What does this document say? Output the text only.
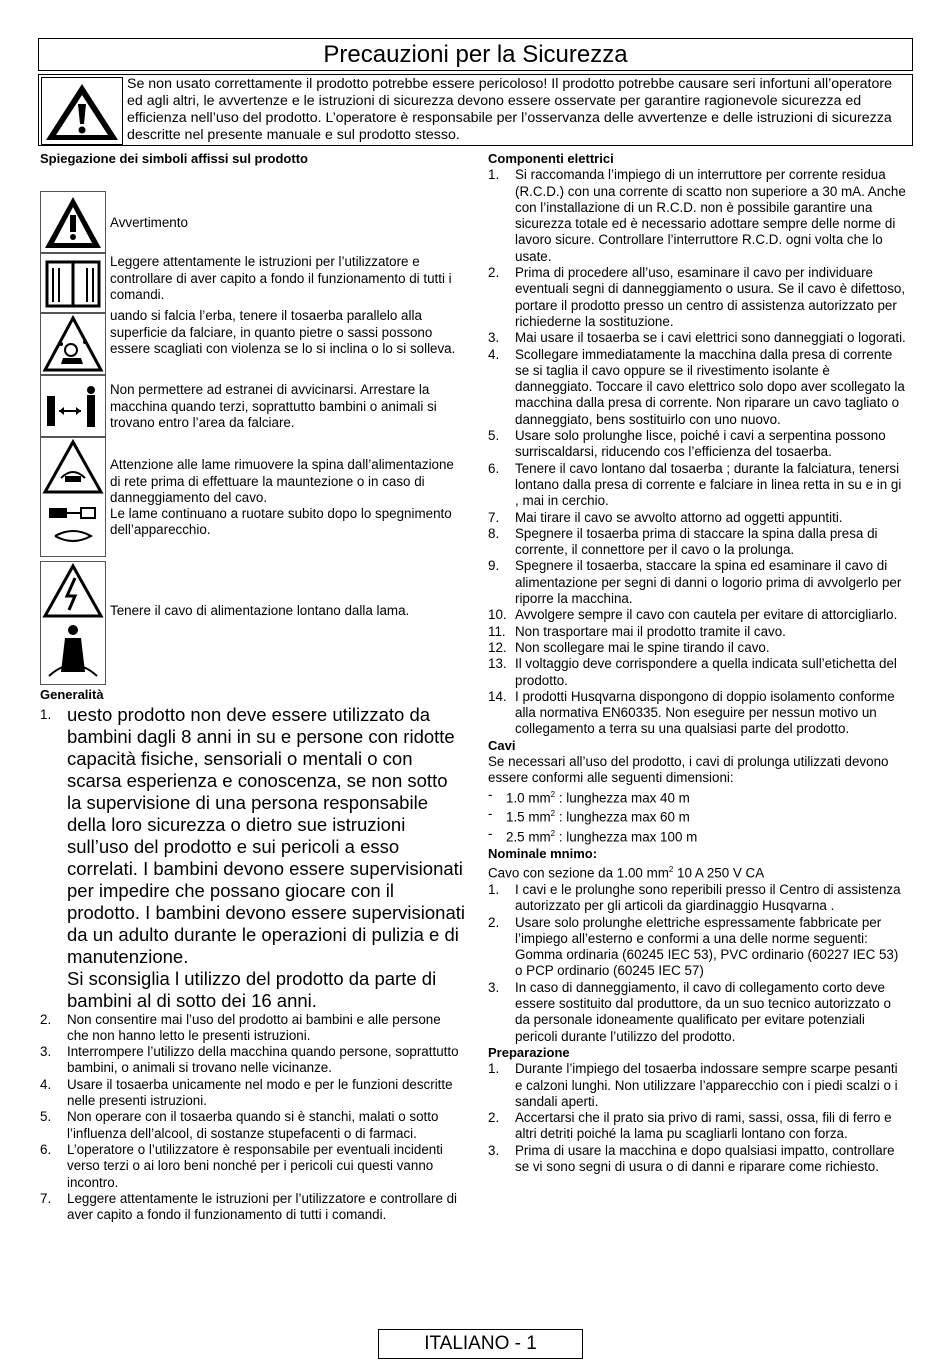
Precauzioni per la Sicurezza
Se non usato correttamente il prodotto potrebbe essere pericoloso! Il prodotto potrebbe causare seri infortuni all’operatore ed agli altri, le avvertenze e le istruzioni di sicurezza devono essere osservate per garantire ragionevole sicurezza ed efficienza nell’uso del prodotto. L’operatore è responsabile per l’osservanza delle avvertenze e delle istruzioni di sicurezza descritte nel presente manuale e sul prodotto stesso.

Spiegazione dei simboli affissi sul prodotto

Avvertimento
Leggere attentamente le istruzioni per l’utilizzatore e controllare di aver capito a fondo il funzionamento di tutti i comandi.
uando si falcia l’erba, tenere il tosaerba parallelo alla superficie da falciare, in quanto pietre o sassi possono essere scagliati con violenza se lo si inclina o lo si solleva.
Non permettere ad estranei di avvicinarsi. Arrestare la macchina quando terzi, soprattutto bambini o animali si trovano entro l’area da falciare.
Attenzione alle lame rimuovere la spina dall’alimentazione di rete prima di effettuare la mauntezione o in caso di danneggiamento del cavo.
Le lame continuano a ruotare subito dopo lo spegnimento dell’apparecchio.
Tenere il cavo di alimentazione lontano dalla lama.

Generalità

1. uesto prodotto non deve essere utilizzato da bambini dagli 8 anni in su e persone con ridotte capacità fisiche, sensoriali o mentali o con scarsa esperienza e conoscenza, se non sotto la supervisione di una persona responsabile della loro sicurezza o dietro sue istruzioni sull’uso del prodotto e sui pericoli a esso correlati. I bambini devono essere supervisionati per impedire che possano giocare con il prodotto. I bambini devono essere supervisionati da un adulto durante le operazioni di pulizia e di manutenzione.
Si sconsiglia l utilizzo del prodotto da parte di bambini al di sotto dei 16 anni.
2. Non consentire mai l’uso del prodotto ai bambini e alle persone che non hanno letto le presenti istruzioni.
3. Interrompere l’utilizzo della macchina quando persone, soprattutto bambini, o animali si trovano nelle vicinanze.
4. Usare il tosaerba unicamente nel modo e per le funzioni descritte nelle presenti istruzioni.
5. Non operare con il tosaerba quando si è stanchi, malati o sotto l’influenza dell’alcool, di sostanze stupefacenti o di farmaci.
6. L’operatore o l’utilizzatore è responsabile per eventuali incidenti verso terzi o ai loro beni nonché per i pericoli cui questi vanno incontro.
7. Leggere attentamente le istruzioni per l’utilizzatore e controllare di aver capito a fondo il funzionamento di tutti i comandi.

Componenti elettrici

1. Si raccomanda l’impiego di un interruttore per corrente residua (R.C.D.) con una corrente di scatto non superiore a 30 mA. Anche con l’installazione di un R.C.D. non è possibile garantire una sicurezza totale ed è necessario adottare sempre delle norme di lavoro sicure. Controllare l’interruttore R.C.D. ogni volta che lo usate.
2. Prima di procedere all’uso, esaminare il cavo per individuare eventuali segni di danneggiamento o usura. Se il cavo è difettoso, portare il prodotto presso un centro di assistenza autorizzato per richiederne la sostituzione.
3. Mai usare il tosaerba se i cavi elettrici sono danneggiati o logorati.
4. Scollegare immediatamente la macchina dalla presa di corrente se si taglia il cavo oppure se il rivestimento isolante è danneggiato. Toccare il cavo elettrico solo dopo aver scollegato la macchina dalla presa di corrente. Non riparare un cavo tagliato o danneggiato, bens sostituirlo con uno nuovo.
5. Usare solo prolunghe lisce, poiché i cavi a serpentina possono surriscaldarsi, riducendo cos l’efficienza del tosaerba.
6. Tenere il cavo lontano dal tosaerba ; durante la falciatura, tenersi lontano dalla presa di corrente e falciare in linea retta in su e in gi , mai in cerchio.
7. Mai tirare il cavo se avvolto attorno ad oggetti appuntiti.
8. Spegnere il tosaerba prima di staccare la spina dalla presa di corrente, il connettore per il cavo o la prolunga.
9. Spegnere il tosaerba, staccare la spina ed esaminare il cavo di alimentazione per segni di danni o logorio prima di avvolgerlo per riporre la macchina.
10. Avvolgere sempre il cavo con cautela per evitare di attorcigliarlo.
11. Non trasportare mai il prodotto tramite il cavo.
12. Non scollegare mai le spine tirando il cavo.
13. Il voltaggio deve corrispondere a quella indicata sull’etichetta del prodotto.
14. I prodotti Husqvarna dispongono di doppio isolamento conforme alla normativa EN60335. Non eseguire per nessun motivo un collegamento a terra su una qualsiasi parte del prodotto.

Cavi

Se necessari all’uso del prodotto, i cavi di prolunga utilizzati devono essere conformi alle seguenti dimensioni:
- 1.0 $mm^2$ : lunghezza max 40 m
- 1.5 $mm^2$ : lunghezza max 60 m
- 2.5 $mm^2$ : lunghezza max 100 m

Nominale mnimo:

Cavo con sezione da 1.00 $mm^2$ 10 A 250 V CA
1. I cavi e le prolunghe sono reperibili presso il Centro di assistenza autorizzato per gli articoli da giardinaggio Husqvarna .
2. Usare solo prolunghe elettriche espressamente fabbricate per l’impiego all’esterno e conformi a una delle norme seguenti: Gomma ordinaria (60245 IEC 53), PVC ordinario (60227 IEC 53) o PCP ordinario (60245 IEC 57)
3. In caso di danneggiamento, il cavo di collegamento corto deve essere sostituito dal produttore, da un suo tecnico autorizzato o da personale idoneamente qualificato per evitare potenziali pericoli durante l’utilizzo del prodotto.

Preparazione

1. Durante l’impiego del tosaerba indossare sempre scarpe pesanti e calzoni lunghi. Non utilizzare l’apparecchio con i piedi scalzi o i sandali aperti.
2. Accertarsi che il prato sia privo di rami, sassi, ossa, fili di ferro e altri detriti poiché la lama pu scagliarli lontano con forza.
3. Prima di usare la macchina e dopo qualsiasi impatto, controllare se vi sono segni di usura o di danni e riparare come richiesto.
ITALIANO - 1
